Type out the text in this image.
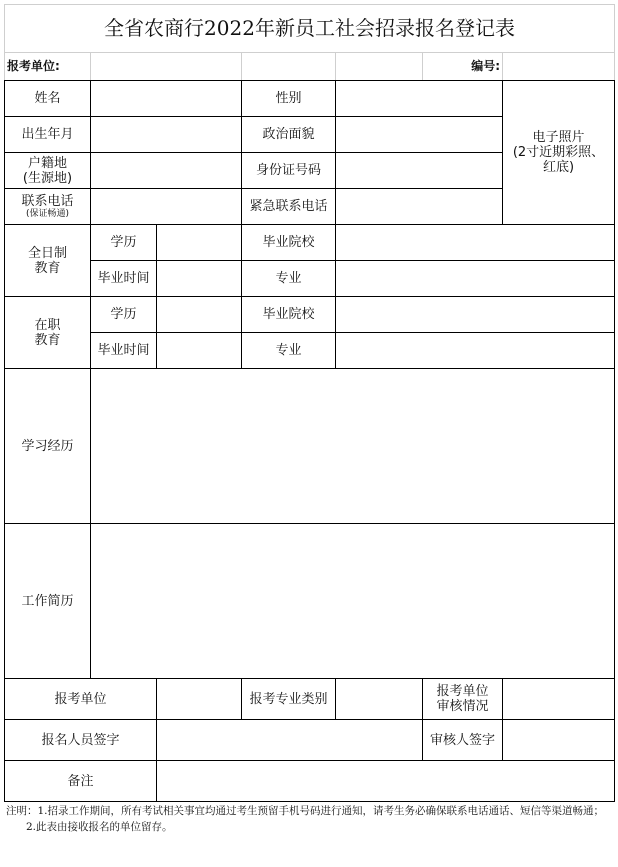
全省农商行2022年新员工社会招录报名登记表						
报考单位:					编号:	
姓名			性别			电子照片
(2寸近期彩照、
红底)

出生年月			政治面貌			

户籍地
(生源地)			身份证号码			

联系电话
(保证畅通)			紧急联系电话			

全日制
教育	学历		毕业院校			
	毕业时间		专业			

在职
教育	学历		毕业院校			
	毕业时间		专业			
学习经历						
工作简历						
报考单位			报考专业类别		报考单位
审核情况	

报名人员签字					审核人签字	
备注						
注明：1.招录工作期间，所有考试相关事宜均通过考生预留手机号码进行通知，请考生务必确保联系电话通话、短信等渠道畅通；
2.此表由接收报名的单位留存。
